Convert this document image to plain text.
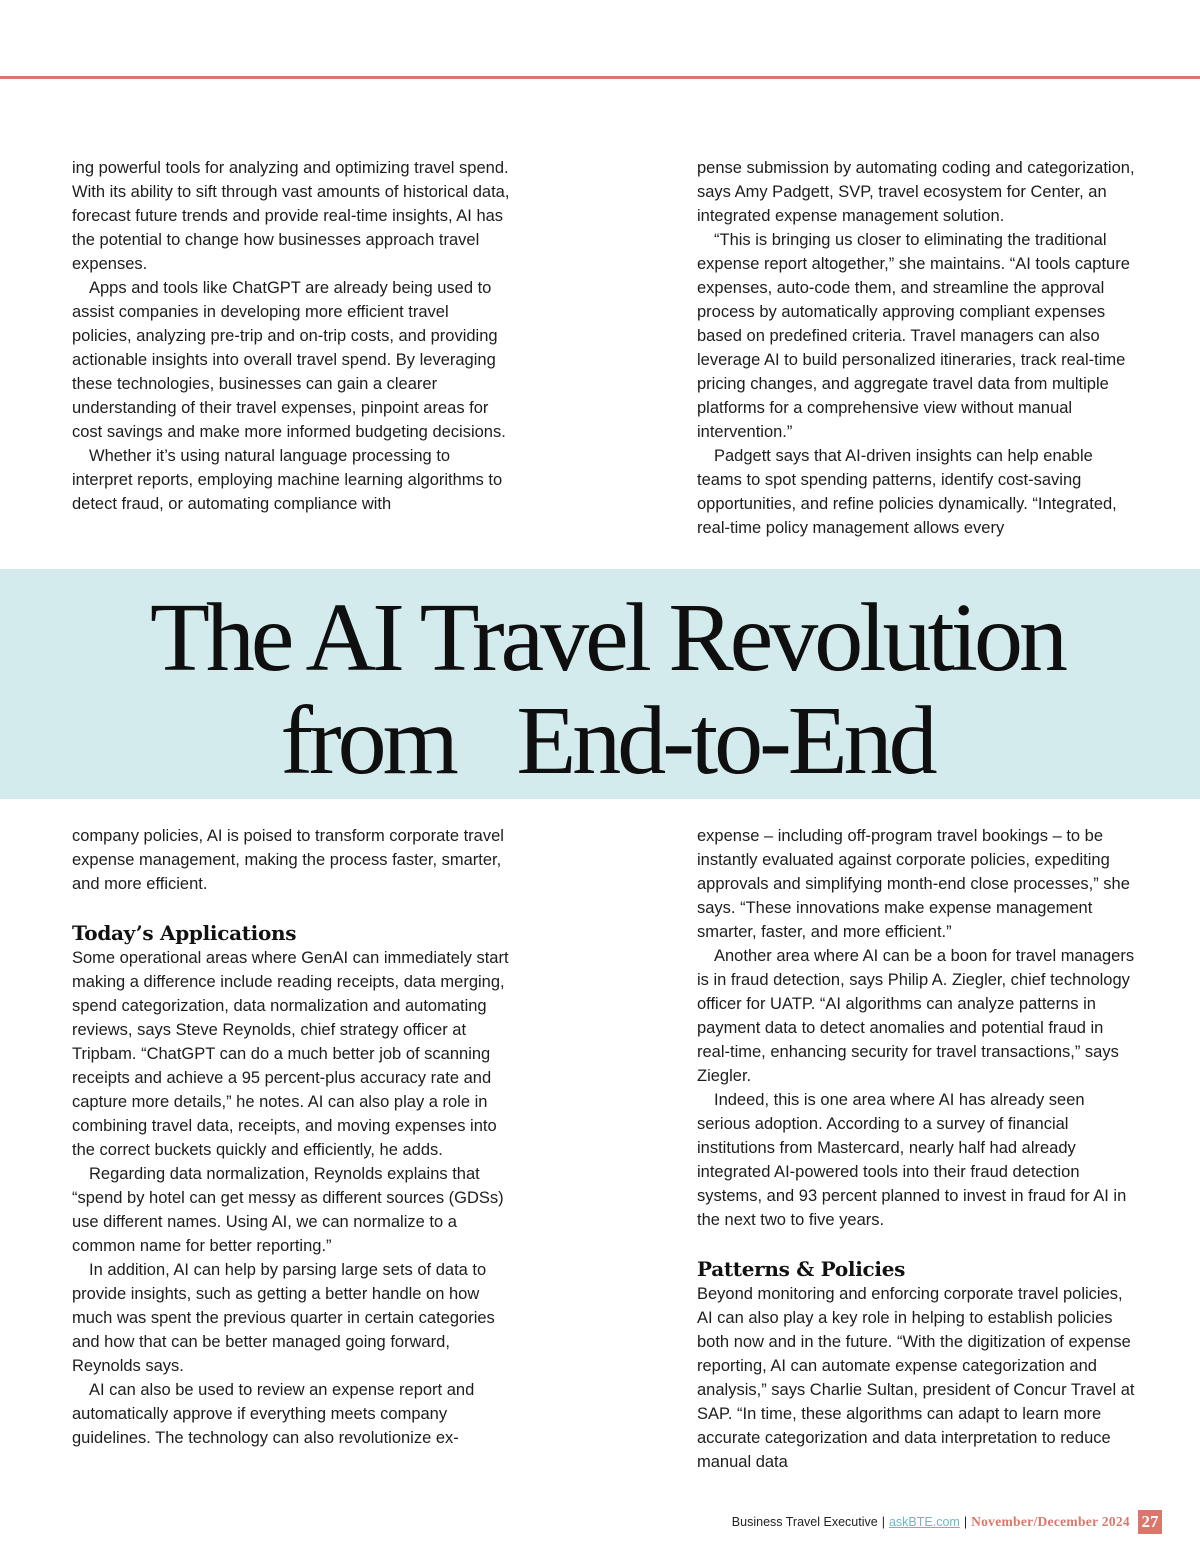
ing powerful tools for analyzing and optimizing travel spend. With its ability to sift through vast amounts of historical data, forecast future trends and provide real-time insights, AI has the potential to change how businesses approach travel expenses.

Apps and tools like ChatGPT are already being used to assist companies in developing more efficient travel policies, analyzing pre-trip and on-trip costs, and providing actionable insights into overall travel spend. By leveraging these technologies, businesses can gain a clearer understanding of their travel expenses, pinpoint areas for cost savings and make more informed budgeting decisions.

Whether it’s using natural language processing to interpret reports, employing machine learning algorithms to detect fraud, or automating compliance with

pense submission by automating coding and categorization, says Amy Padgett, SVP, travel ecosystem for Center, an integrated expense management solution.

“This is bringing us closer to eliminating the traditional expense report altogether,” she maintains. “AI tools capture expenses, auto-code them, and streamline the approval process by automatically approving compliant expenses based on predefined criteria. Travel managers can also leverage AI to build personalized itineraries, track real-time pricing changes, and aggregate travel data from multiple platforms for a comprehensive view without manual intervention.”

Padgett says that AI-driven insights can help enable teams to spot spending patterns, identify cost-saving opportunities, and refine policies dynamically. “Integrated, real-time policy management allows every

The AI Travel Revolution
from   End-to-End

company policies, AI is poised to transform corporate travel expense management, making the process faster, smarter, and more efficient.

Today’s Applications

Some operational areas where GenAI can immediately start making a difference include reading receipts, data merging, spend categorization, data normalization and automating reviews, says Steve Reynolds, chief strategy officer at Tripbam. “ChatGPT can do a much better job of scanning receipts and achieve a 95 percent-plus accuracy rate and capture more details,” he notes. AI can also play a role in combining travel data, receipts, and moving expenses into the correct buckets quickly and efficiently, he adds.

Regarding data normalization, Reynolds explains that “spend by hotel can get messy as different sources (GDSs) use different names. Using AI, we can normalize to a common name for better reporting.”

In addition, AI can help by parsing large sets of data to provide insights, such as getting a better handle on how much was spent the previous quarter in certain categories and how that can be better managed going forward, Reynolds says.

AI can also be used to review an expense report and automatically approve if everything meets company guidelines. The technology can also revolutionize ex-

expense – including off-program travel bookings – to be instantly evaluated against corporate policies, expediting approvals and simplifying month-end close processes,” she says. “These innovations make expense management smarter, faster, and more efficient.”

Another area where AI can be a boon for travel managers is in fraud detection, says Philip A. Ziegler, chief technology officer for UATP. “AI algorithms can analyze patterns in payment data to detect anomalies and potential fraud in real-time, enhancing security for travel transactions,” says Ziegler.

Indeed, this is one area where AI has already seen serious adoption. According to a survey of financial institutions from Mastercard, nearly half had already integrated AI-powered tools into their fraud detection systems, and 93 percent planned to invest in fraud for AI in the next two to five years.

Patterns & Policies

Beyond monitoring and enforcing corporate travel policies, AI can also play a key role in helping to establish policies both now and in the future. “With the digitization of expense reporting, AI can automate expense categorization and analysis,” says Charlie Sultan, president of Concur Travel at SAP. “In time, these algorithms can adapt to learn more accurate categorization and data interpretation to reduce manual data

Business Travel Executive | askBTE.com | November/December 2024 27
